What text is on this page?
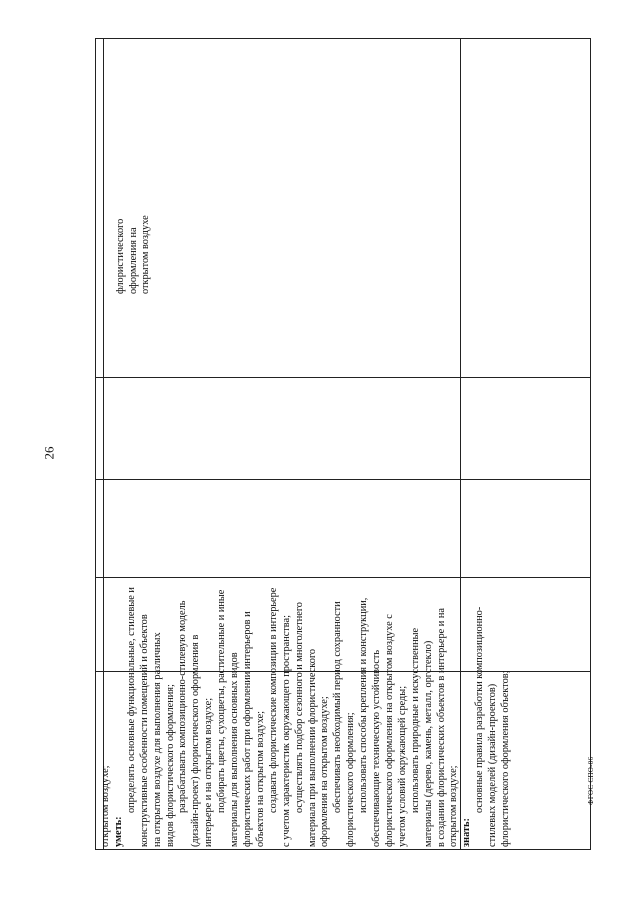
26
открытом воздухе; уметь:
определять основные функциональные, стилевые и конструктивные особенности помещений и объектов на открытом воздухе для выполнения различных видов флористического оформления; разрабатывать композиционно-стилевую модель (дизайн-проект) флористического оформления в интерьере и на открытом воздухе; подбирать цветы, сухоцветы, растительные и иные материалы для выполнения основных видов флористических работ при оформлении интерьеров и объектов на открытом воздухе; создавать флористические композиции в интерьере с учетом характеристик окружающего пространства; осуществлять подбор сезонного и многолетнего материала при выполнении флористического оформления на открытом воздухе; обеспечивать необходимый период сохранности флористического оформления; использовать способы крепления и конструкции, обеспечивающие техническую устойчивость флористического оформления на открытом воздухе с учетом условий окружающей среды; использовать природные и искусственные материалы (дерево, камень, металл, оргстекло) в создании флористических объектов в интерьере и на открытом воздухе; знать:
основные правила разработки композиционно- стилевых моделей (дизайн-проектов) флористического оформления объектов;
флористического оформления на открытом воздухе
ФГОС СПО-06
